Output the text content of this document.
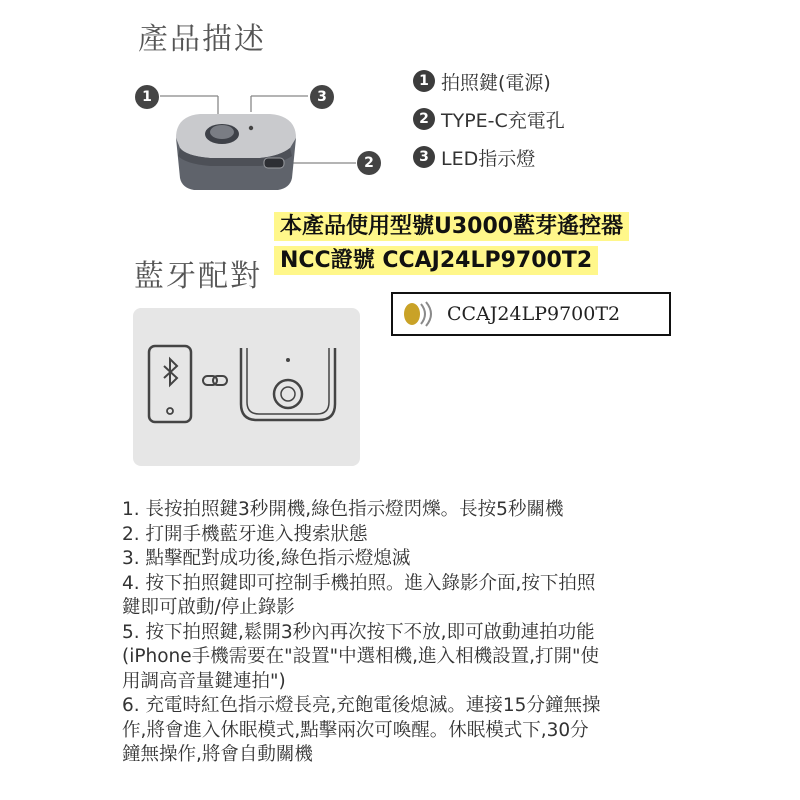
產品描述
1	3
2
1 拍照鍵(電源)
2 TYPE-C充電孔
3 LED指示燈
本產品使用型號U3000藍芽遙控器
NCC證號 CCAJ24LP9700T2
藍牙配對
CCAJ24LP9700T2
1. 長按拍照鍵3秒開機,綠色指示燈閃爍。長按5秒關機
2. 打開手機藍牙進入搜索狀態
3. 點擊配對成功後,綠色指示燈熄滅
4. 按下拍照鍵即可控制手機拍照。進入錄影介面,按下拍照
鍵即可啟動/停止錄影
5. 按下拍照鍵,鬆開3秒內再次按下不放,即可啟動連拍功能
(iPhone手機需要在"設置"中選相機,進入相機設置,打開"使
用調高音量鍵連拍")
6. 充電時紅色指示燈長亮,充飽電後熄滅。連接15分鐘無操
作,將會進入休眠模式,點擊兩次可喚醒。休眠模式下,30分
鐘無操作,將會自動關機
